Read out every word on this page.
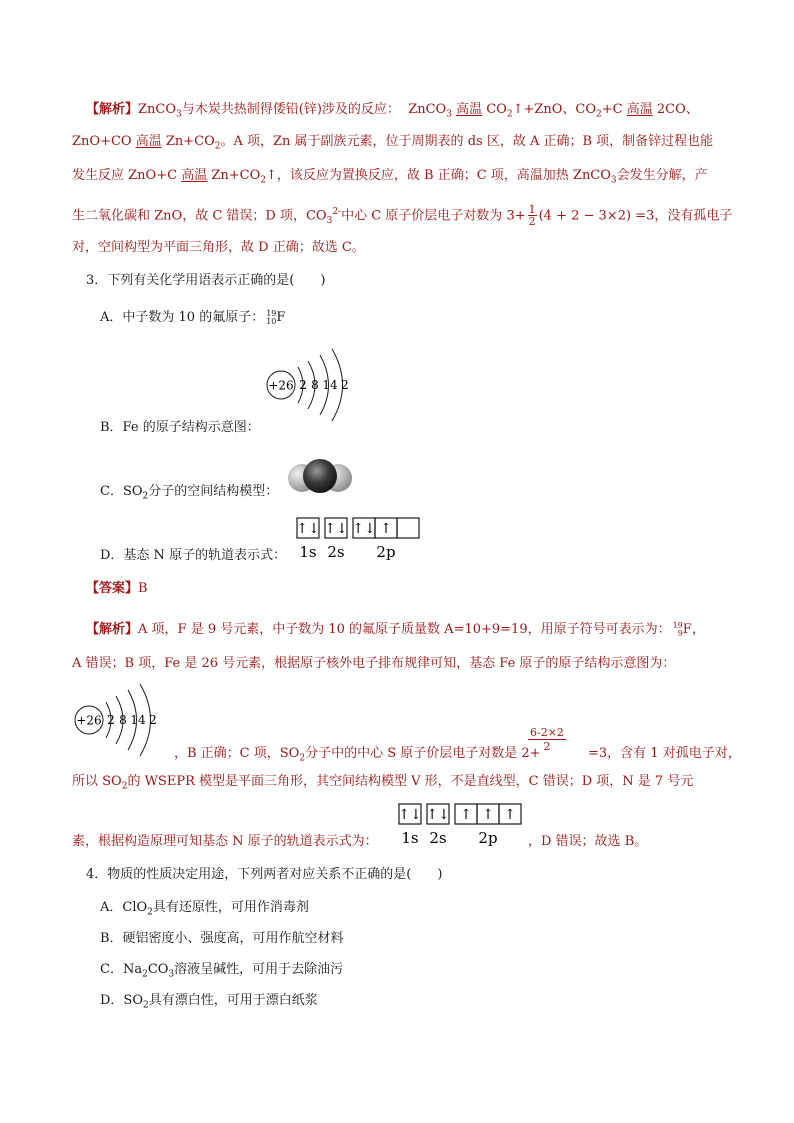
【解析】ZnCO$_3$与木炭共热制得倭铅(锌)涉及的反应： ZnCO$_3$ 高温 $CO_2↑+ZnO$、$CO_2+C$ 高温 2CO、
ZnO+CO 高温 $Zn+CO_2$。A 项，Zn 属于副族元素，位于周期表的 ds 区，故 A 正确；B 项，制备锌过程也能
发生反应 ZnO+C 高温 $Zn+CO_2↑$，该反应为置换反应，故 B 正确；C 项，高温加热 ZnCO$_3$会发生分解，产
生二氧化碳和 ZnO，故 C 错误；D 项，$CO_3^{2-}$中心 C 原子价层电子对数为 $3+ \frac{1}{2} (4 + 2 - 3\times 2) =3$，没有孤电子
对，空间构型为平面三角形，故 D 正确；故选 C。
3．下列有关化学用语表示正确的是(　　)
A．中子数为 10 的氟原子： 19
10 F
+26 2 8 14 2
B．Fe 的原子结构示意图：
C．$SO_2$分子的空间结构模型：
↑↓ ↑↓ ↑↓ ↑
1s 2s 2p
D．基态 N 原子的轨道表示式：
【答案】B
【解析】A 项，F 是 9 号元素，中子数为 10 的氟原子质量数 A=10+9=19，用原子符号可表示为： 19
9 F，
A 错误；B 项，Fe 是 26 号元素，根据原子核外电子排布规律可知，基态 Fe 原子的原子结构示意图为：
+26 2 8 14 2
，B 正确；C 项，$SO_2$分子中的中心 S 原子价层电子对数是 2+
6-2×2
2	=3，含有 1 对孤电子对，
所以 $SO_2$的 WSEPR 模型是平面三角形，其空间结构模型 V 形，不是直线型，C 错误；D 项，N 是 7 号元
↑↓ ↑↓ ↑ ↑ ↑
1s 2s 2p
素，根据构造原理可知基态 N 原子的轨道表示式为：	，D 错误；故选 B。
4．物质的性质决定用途，下列两者对应关系不正确的是(　　)
A．ClO$_2$具有还原性，可用作消毒剂
B．硬铝密度小、强度高，可用作航空材料
C．$Na_2CO_3$溶液呈碱性，可用于去除油污
D．$SO_2$具有漂白性，可用于漂白纸浆
